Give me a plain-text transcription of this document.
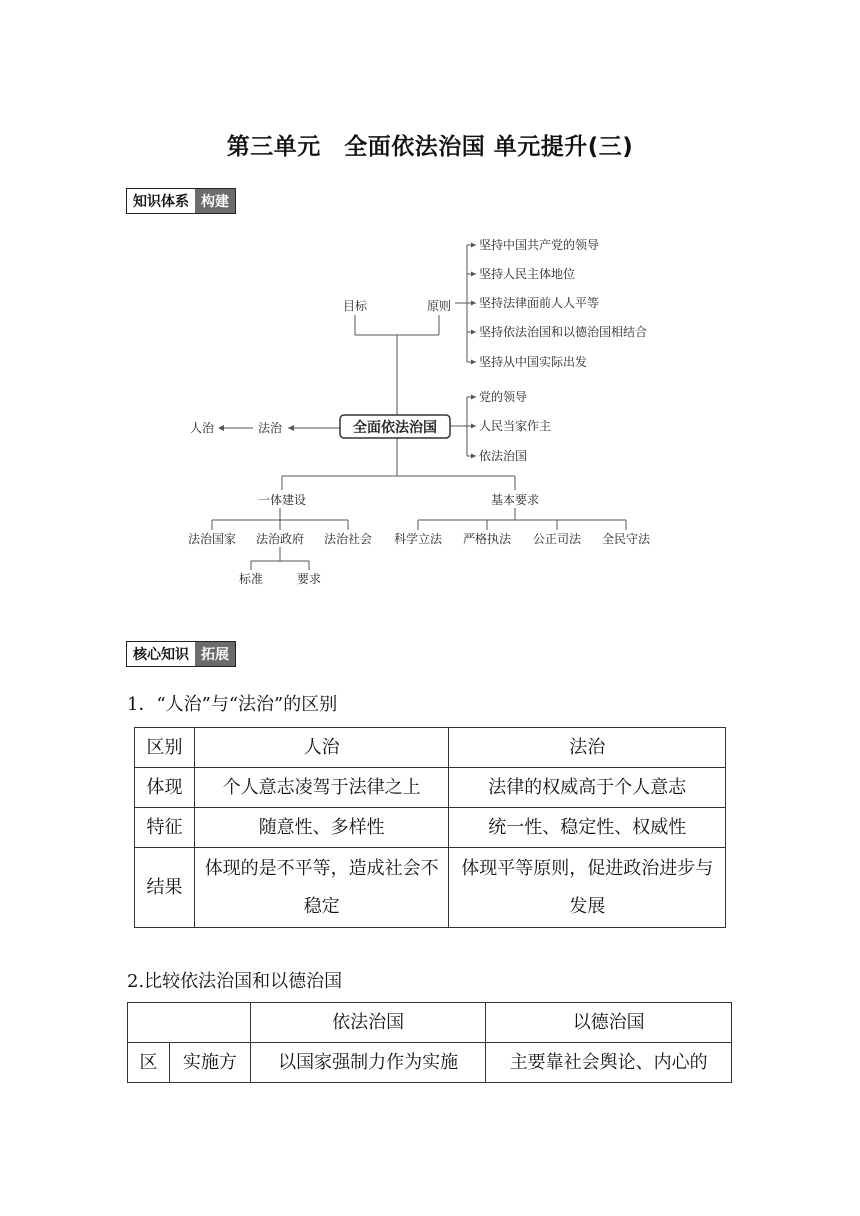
第三单元　全面依法治国 单元提升(三)
知识体系 构建
全面依法治国
目标	原则
坚持中国共产党的领导
坚持人民主体地位
坚持法律面前人人平等
坚持依法治国和以德治国相结合
坚持从中国实际出发
党的领导
人民当家作主
依法治国
法治
人治
一体建设	基本要求
法治国家 法治政府 法治社会 科学立法 严格执法 公正司法 全民守法
标准	要求
核心知识 拓展
1．“人治”与“法治”的区别
区别	人治	法治
体现	个人意志凌驾于法律之上	法律的权威高于个人意志
特征	随意性、多样性	统一性、稳定性、权威性
结果	体现的是不平等，造成社会不稳定	体现平等原则，促进政治进步与发展
2.比较依法治国和以德治国
		依法治国	以德治国
区	实施方	以国家强制力作为实施	主要靠社会舆论、内心的
